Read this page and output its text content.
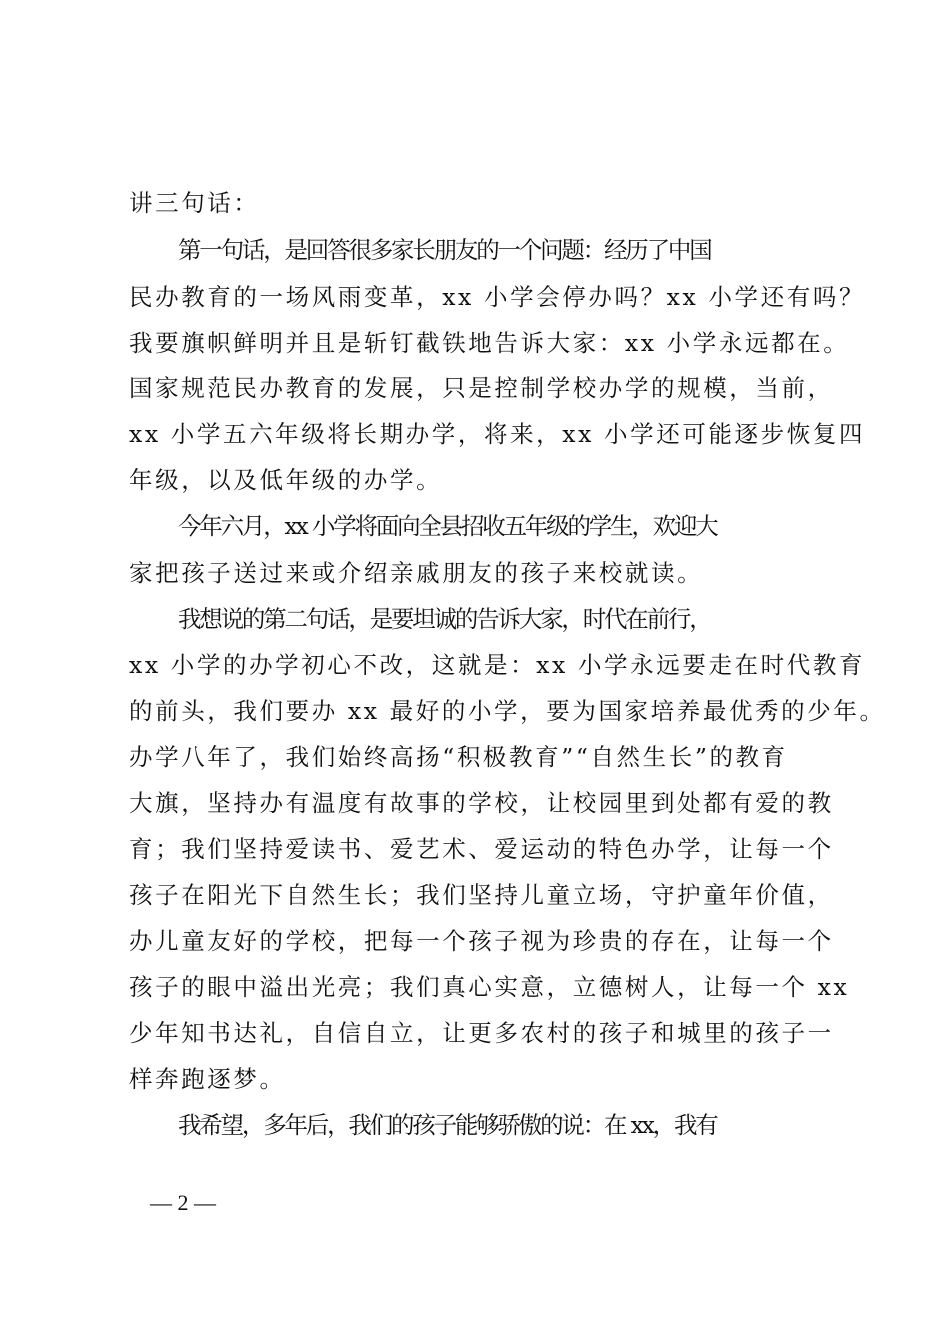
讲三句话：
第一句话，是回答很多家长朋友的一个问题：经历了中国
民办教育的一场风雨变革，xx 小学会停办吗？xx 小学还有吗？
我要旗帜鲜明并且是斩钉截铁地告诉大家：xx 小学永远都在。
国家规范民办教育的发展，只是控制学校办学的规模，当前，
xx 小学五六年级将长期办学，将来，xx 小学还可能逐步恢复四
年级，以及低年级的办学。
今年六月，xx 小学将面向全县招收五年级的学生，欢迎大
家把孩子送过来或介绍亲戚朋友的孩子来校就读。
我想说的第二句话，是要坦诚的告诉大家，时代在前行，
xx 小学的办学初心不改，这就是：xx 小学永远要走在时代教育
的前头，我们要办 xx 最好的小学，要为国家培养最优秀的少年。
办学八年了，我们始终高扬“积极教育”“自然生长”的教育
大旗，坚持办有温度有故事的学校，让校园里到处都有爱的教
育；我们坚持爱读书、爱艺术、爱运动的特色办学，让每一个
孩子在阳光下自然生长；我们坚持儿童立场，守护童年价值，
办儿童友好的学校，把每一个孩子视为珍贵的存在，让每一个
孩子的眼中溢出光亮；我们真心实意，立德树人，让每一个 xx
少年知书达礼，自信自立，让更多农村的孩子和城里的孩子一
样奔跑逐梦。
我希望，多年后，我们的孩子能够骄傲的说：在 xx，我有
— 2 —
